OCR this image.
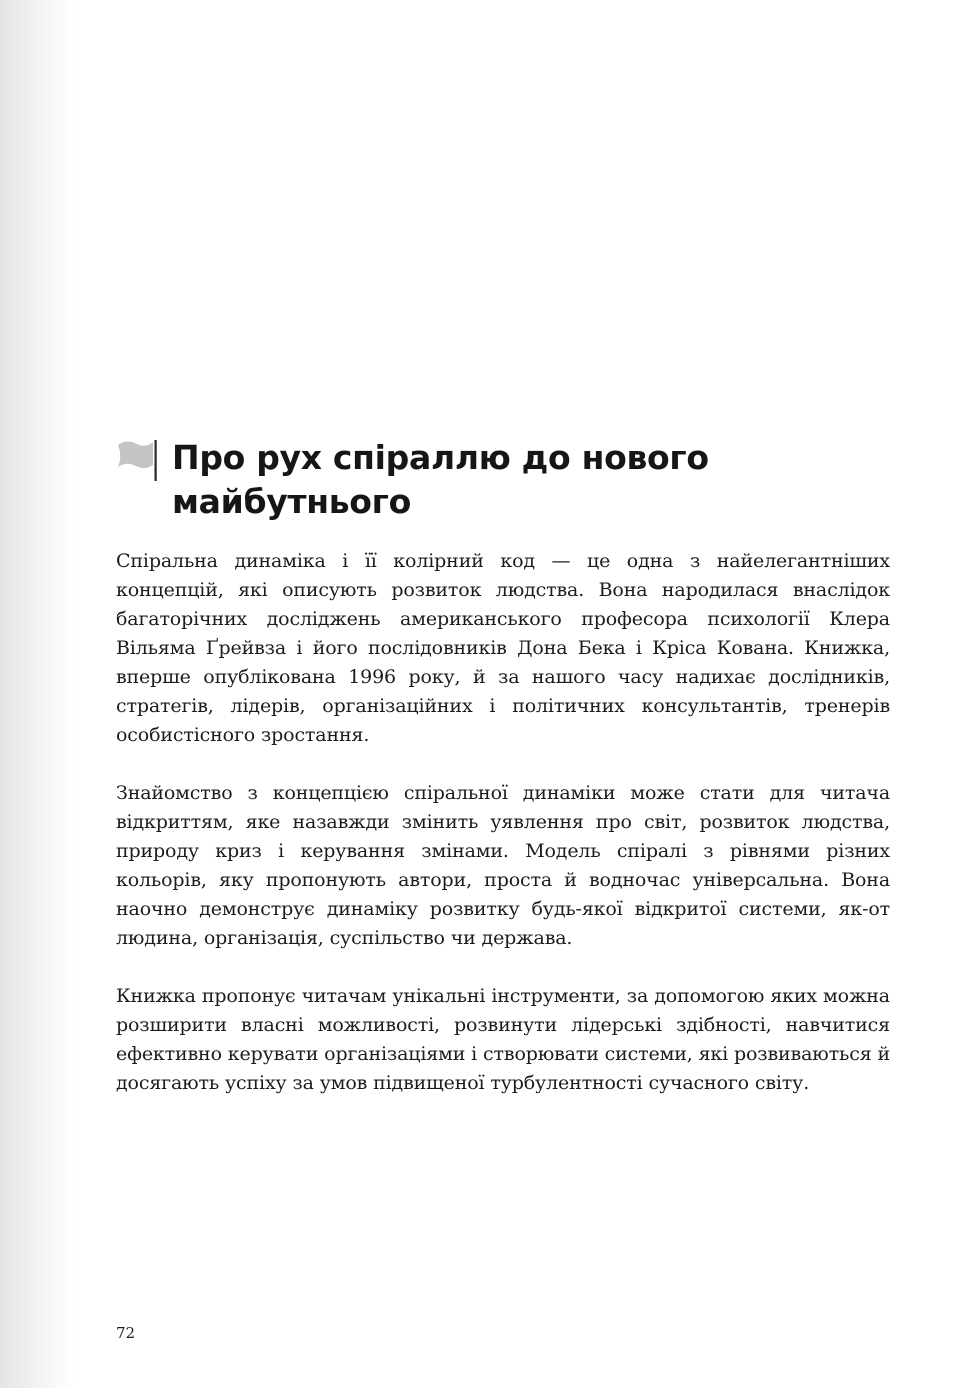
Про рух спіраллю до нового майбутнього

Спіральна динаміка і її колірний код — це одна з найелегантніших концепцій, які описують розвиток людства. Вона народилася внаслідок багаторічних досліджень американського професора психології Клера Вільяма Ґрейвза і його послідовників Дона Бека і Кріса Кована. Книжка, вперше опублікована 1996 року, й за нашого часу надихає дослідників, стратегів, лідерів, організаційних і політичних консультантів, тренерів особистісного зростання.

Знайомство з концепцією спіральної динаміки може стати для читача відкриттям, яке назавжди змінить уявлення про світ, розвиток людства, природу криз і керування змінами. Модель спіралі з рівнями різних кольорів, яку пропонують автори, проста й водночас універсальна. Вона наочно демонструє динаміку розвитку будь-якої відкритої системи, як-от людина, організація, суспільство чи держава.

Книжка пропонує читачам унікальні інструменти, за допомогою яких можна розширити власні можливості, розвинути лідерські здібності, навчитися ефективно керувати організаціями і створювати системи, які розвиваються й досягають успіху за умов підвищеної турбулентності сучасного світу.

72
